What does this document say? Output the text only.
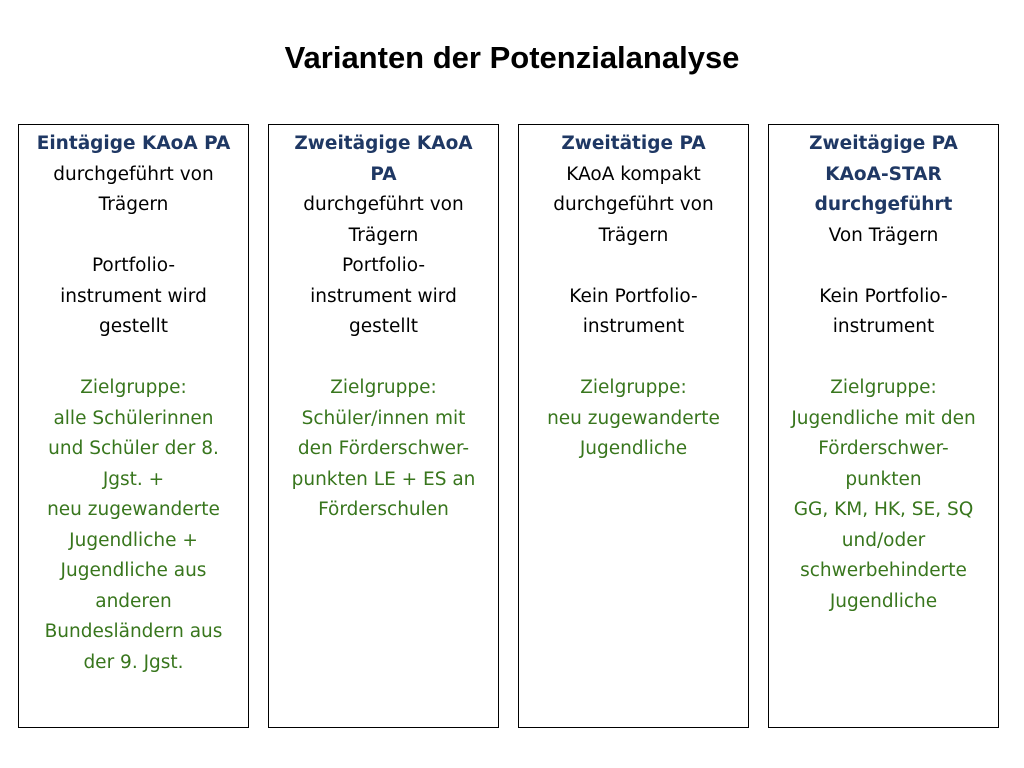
Varianten der Potenzialanalyse
Eintägige KAoA PA
durchgeführt von
Trägern
Portfolio-
instrument wird
gestellt
Zielgruppe:
alle Schülerinnen
und Schüler der 8.
Jgst. +
neu zugewanderte
Jugendliche +
Jugendliche aus
anderen
Bundesländern aus
der 9. Jgst.
Zweitägige KAoA
PA
durchgeführt von
Trägern
Portfolio-
instrument wird
gestellt
Zielgruppe:
Schüler/innen mit
den Förderschwer-
punkten LE + ES an
Förderschulen
Zweitätige PA
KAoA kompakt
durchgeführt von
Trägern
Kein Portfolio-
instrument
Zielgruppe:
neu zugewanderte
Jugendliche
Zweitägige PA
KAoA-STAR
durchgeführt
Von Trägern
Kein Portfolio-
instrument
Zielgruppe:
Jugendliche mit den
Förderschwer-
punkten
GG, KM, HK, SE, SQ
und/oder
schwerbehinderte
Jugendliche
